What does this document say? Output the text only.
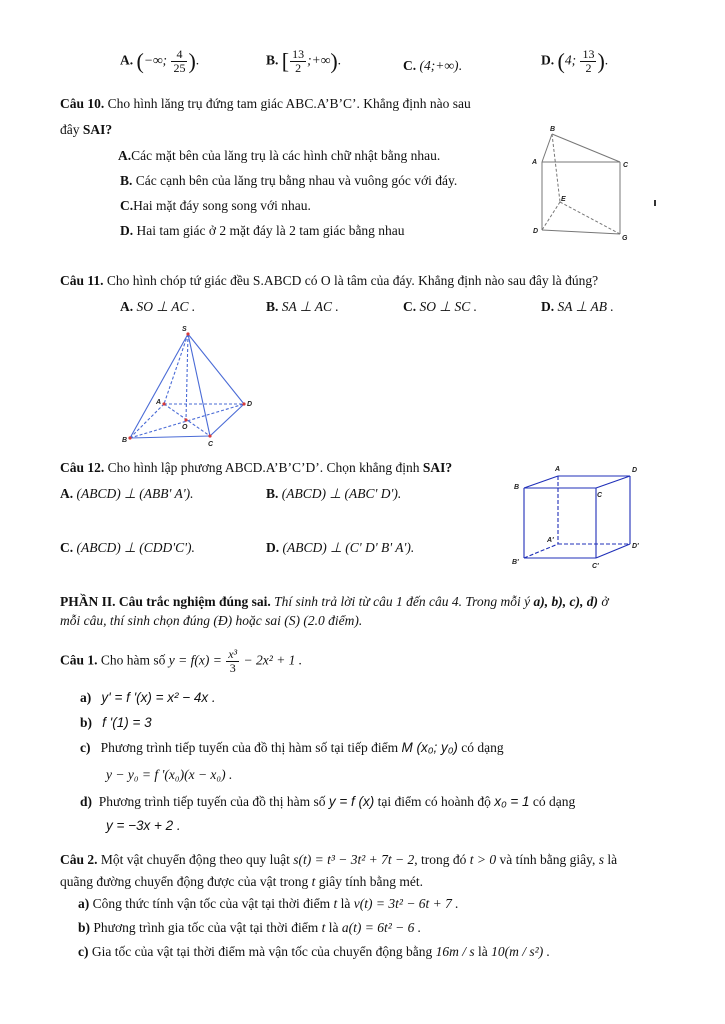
A. (−∞; $\frac{4}{25}$ ).	B. [ $\frac{13}{2}$ ;+∞).	C. (4;+∞).	D. (4; $\frac{13}{2}$ ).
Câu 10. Cho hình lăng trụ đứng tam giác ABC.A’B’C’. Khẳng định nào sau
đây SAI?
A.Các mặt bên của lăng trụ là các hình chữ nhật bằng nhau.
B. Các cạnh bên của lăng trụ bằng nhau và vuông góc với đáy.
C.Hai mặt đáy song song với nhau.
D. Hai tam giác ở 2 mặt đáy là 2 tam giác bằng nhau
B
A	C
E
D
G
Câu 11. Cho hình chóp tứ giác đều S.ABCD có O là tâm của đáy. Khẳng định nào sau đây là đúng?
A. SO ⊥ AC .	B. SA ⊥ AC .	C. SO ⊥ SC .	D. SA ⊥ AB .
S
A
B
C
D
O
Câu 12. Cho hình lập phương ABCD.A’B’C’D’. Chọn khẳng định SAI?
A. (ABCD) ⊥ (ABB' A').	B. (ABCD) ⊥ (ABC' D').
C. (ABCD) ⊥ (CDD'C').	D. (ABCD) ⊥ (C' D' B' A').
A	D
B
C
A'
D'
B'
C'
PHẦN II. Câu trắc nghiệm đúng sai. Thí sinh trả lời từ câu 1 đến câu 4. Trong mỗi ý a), b), c), d) ở
mỗi câu, thí sinh chọn đúng (Đ) hoặc sai (S) (2.0 điểm).
Câu 1. Cho hàm số $y = f(x) = \frac{\text{x³}}{3} - 2x^2 + 1$ .
a) y' = f '(x) = x² − 4x .
b) f '(1) = 3
c) Phương trình tiếp tuyến của đồ thị hàm số tại tiếp điểm M (x₀; y₀) có dạng
y − y₀ = f '(x₀)(x − x₀) .
d) Phương trình tiếp tuyến của đồ thị hàm số y = f (x) tại điểm có hoành độ x₀ = 1 có dạng
y = −3x + 2 .
Câu 2. Một vật chuyển động theo quy luật s(t) = t³ − 3t² + 7t − 2, trong đó t > 0 và tính bằng giây, s là
quãng đường chuyển động được của vật trong t giây tính bằng mét.
a) Công thức tính vận tốc của vật tại thời điểm t là v(t) = 3t² − 6t + 7 .
b) Phương trình gia tốc của vật tại thời điểm t là a(t) = 6t² − 6 .
c) Gia tốc của vật tại thời điểm mà vận tốc của chuyển động bằng 16m / s là 10(m / s²) .
